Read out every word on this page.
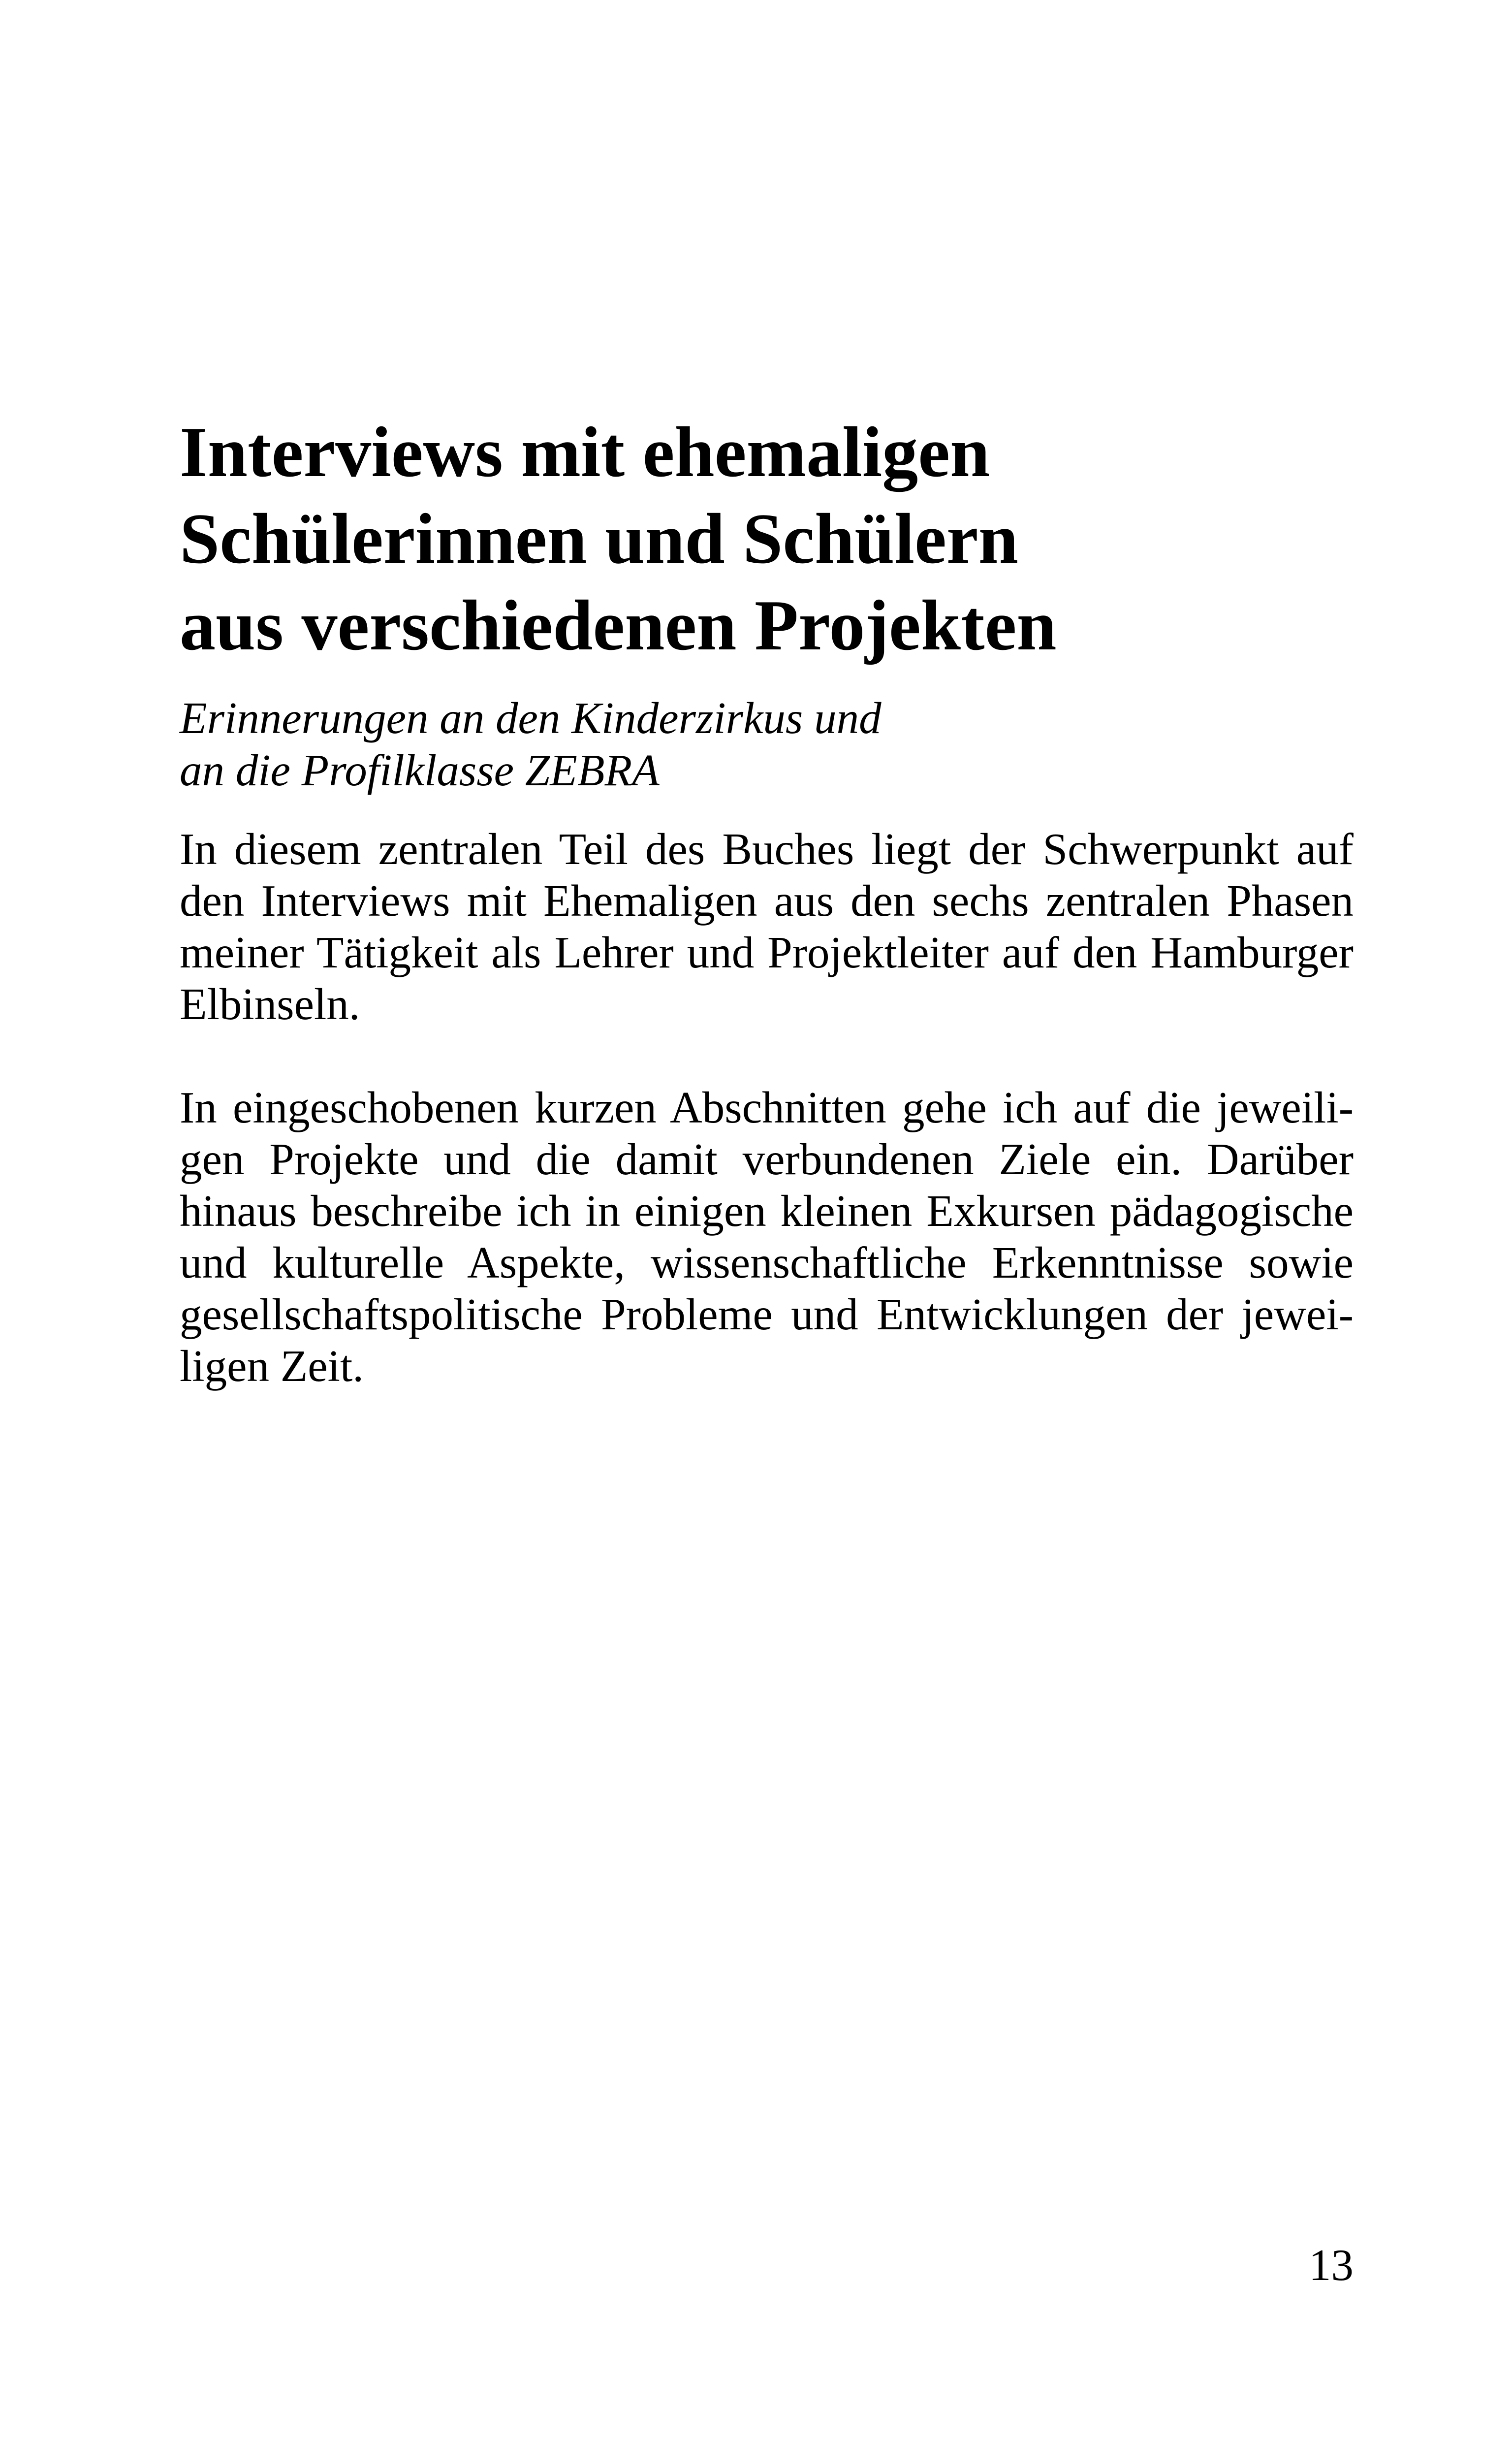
Interviews mit ehemaligen
Schülerinnen und Schülern
aus verschiedenen Projekten

Erinnerungen an den Kinderzirkus und
an die Profilklasse ZEBRA

In diesem zentralen Teil des Buches liegt der Schwerpunkt auf den Interviews mit Ehemaligen aus den sechs zentralen Phasen meiner Tätigkeit als Lehrer und Projektleiter auf den Hamburger Elbinseln.

In eingeschobenen kurzen Abschnitten gehe ich auf die jeweiligen Projekte und die damit verbundenen Ziele ein. Darüber hinaus beschreibe ich in einigen kleinen Exkursen pädagogische und kulturelle Aspekte, wissenschaftliche Erkenntnisse sowie gesellschaftspolitische Probleme und Entwicklungen der jeweiligen Zeit.

13
